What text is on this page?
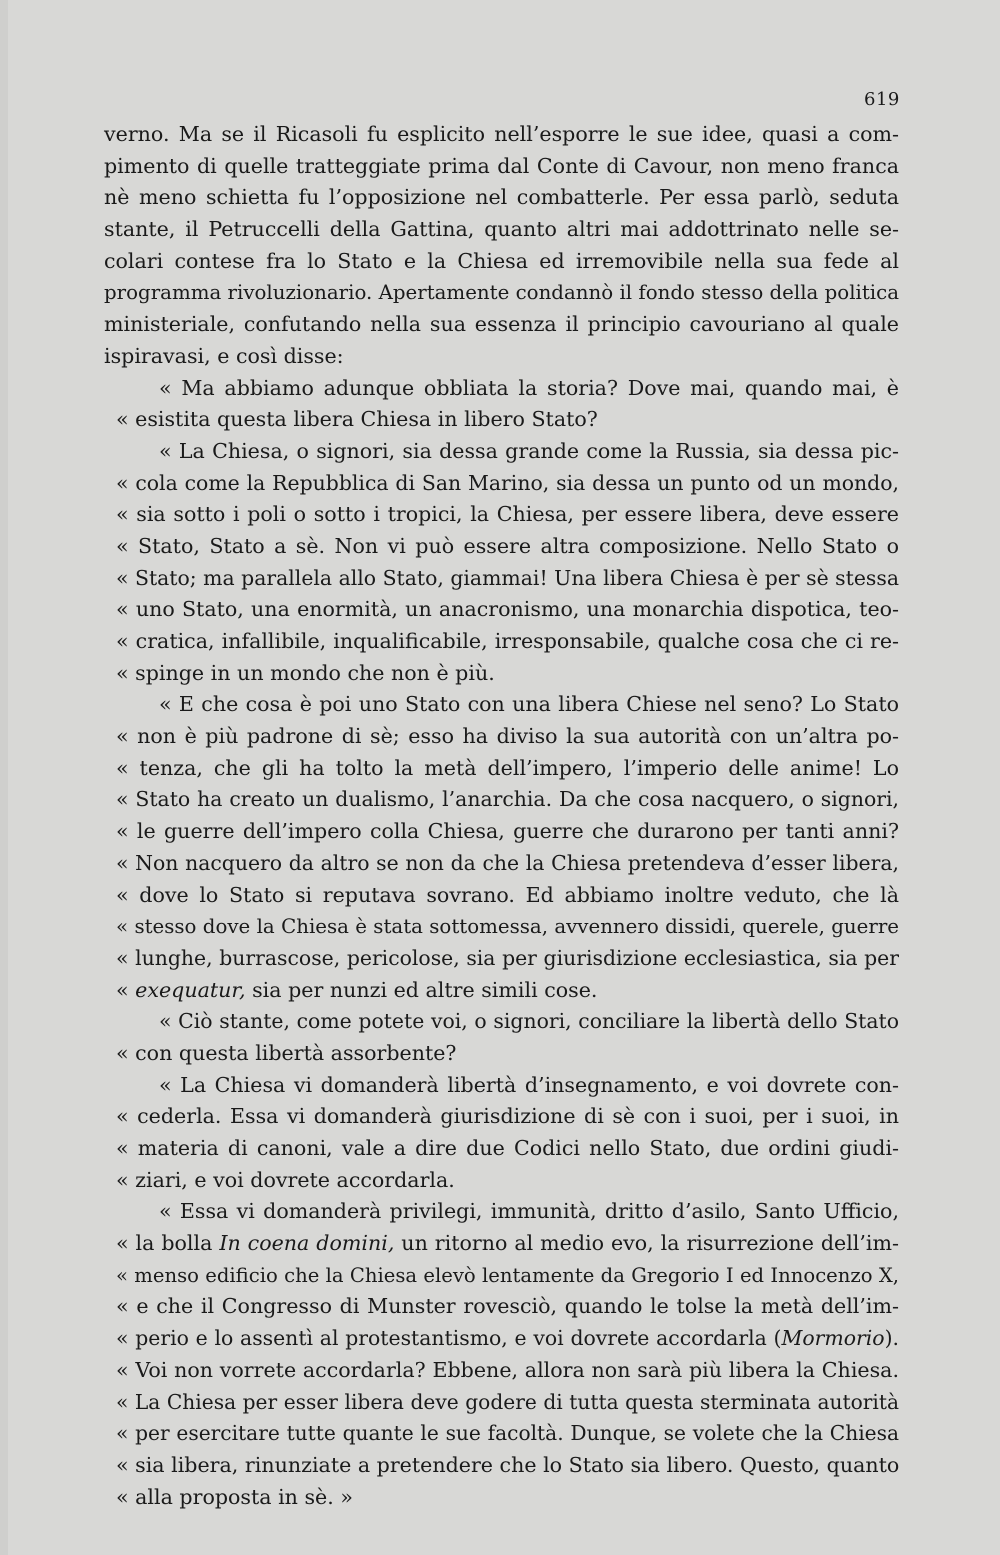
619
verno. Ma se il Ricasoli fu esplicito nell’esporre le sue idee, quasi a com-
pimento di quelle tratteggiate prima dal Conte di Cavour, non meno franca
nè meno schietta fu l’opposizione nel combatterle. Per essa parlò, seduta
stante, il Petruccelli della Gattina, quanto altri mai addottrinato nelle se-
colari contese fra lo Stato e la Chiesa ed irremovibile nella sua fede al
programma rivoluzionario. Apertamente condannò il fondo stesso della politica
ministeriale, confutando nella sua essenza il principio cavouriano al quale
ispiravasi, e così disse:
« Ma abbiamo adunque obbliata la storia? Dove mai, quando mai, è
« esistita questa libera Chiesa in libero Stato?
« La Chiesa, o signori, sia dessa grande come la Russia, sia dessa pic-
« cola come la Repubblica di San Marino, sia dessa un punto od un mondo,
« sia sotto i poli o sotto i tropici, la Chiesa, per essere libera, deve essere
« Stato, Stato a sè. Non vi può essere altra composizione. Nello Stato o
« Stato; ma parallela allo Stato, giammai! Una libera Chiesa è per sè stessa
« uno Stato, una enormità, un anacronismo, una monarchia dispotica, teo-
« cratica, infallibile, inqualificabile, irresponsabile, qualche cosa che ci re-
« spinge in un mondo che non è più.
« E che cosa è poi uno Stato con una libera Chiese nel seno? Lo Stato
« non è più padrone di sè; esso ha diviso la sua autorità con un’altra po-
« tenza, che gli ha tolto la metà dell’impero, l’imperio delle anime! Lo
« Stato ha creato un dualismo, l’anarchia. Da che cosa nacquero, o signori,
« le guerre dell’impero colla Chiesa, guerre che durarono per tanti anni?
« Non nacquero da altro se non da che la Chiesa pretendeva d’esser libera,
« dove lo Stato si reputava sovrano. Ed abbiamo inoltre veduto, che là
« stesso dove la Chiesa è stata sottomessa, avvennero dissidi, querele, guerre
« lunghe, burrascose, pericolose, sia per giurisdizione ecclesiastica, sia per
« exequatur, sia per nunzi ed altre simili cose.
« Ciò stante, come potete voi, o signori, conciliare la libertà dello Stato
« con questa libertà assorbente?
« La Chiesa vi domanderà libertà d’insegnamento, e voi dovrete con-
« cederla. Essa vi domanderà giurisdizione di sè con i suoi, per i suoi, in
« materia di canoni, vale a dire due Codici nello Stato, due ordini giudi-
« ziari, e voi dovrete accordarla.
« Essa vi domanderà privilegi, immunità, dritto d’asilo, Santo Ufficio,
« la bolla In coena domini, un ritorno al medio evo, la risurrezione dell’im-
« menso edificio che la Chiesa elevò lentamente da Gregorio I ed Innocenzo X,
« e che il Congresso di Munster rovesciò, quando le tolse la metà dell’im-
« perio e lo assentì al protestantismo, e voi dovrete accordarla (Mormorio).
« Voi non vorrete accordarla? Ebbene, allora non sarà più libera la Chiesa.
« La Chiesa per esser libera deve godere di tutta questa sterminata autorità
« per esercitare tutte quante le sue facoltà. Dunque, se volete che la Chiesa
« sia libera, rinunziate a pretendere che lo Stato sia libero. Questo, quanto
« alla proposta in sè. »
